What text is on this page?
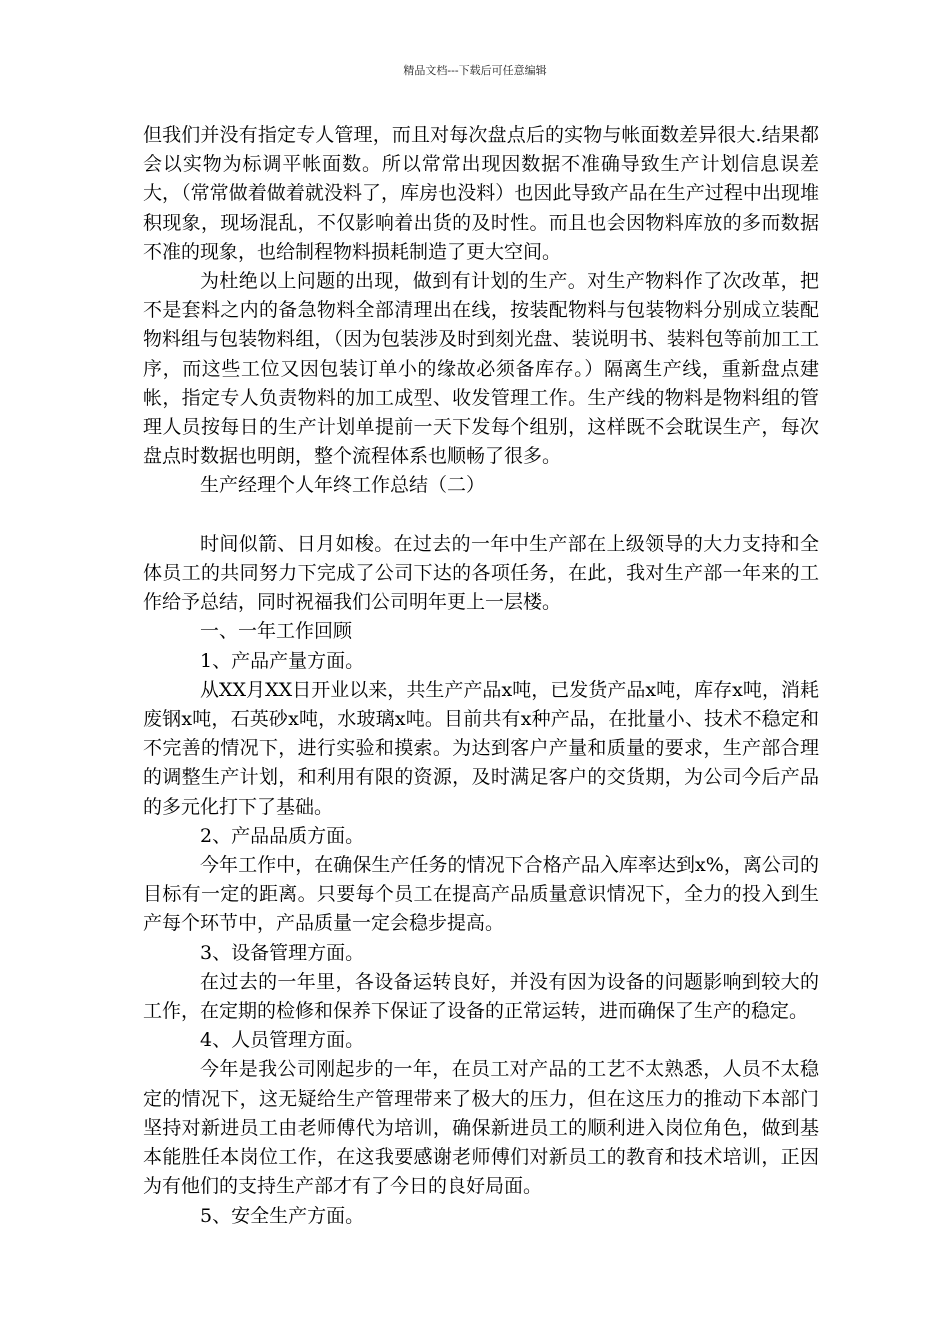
精品文档---下载后可任意编辑

但我们并没有指定专人管理，而且对每次盘点后的实物与帐面数差异很大.结果都会以实物为标调平帐面数。所以常常出现因数据不准确导致生产计划信息误差大，（常常做着做着就没料了，库房也没料）也因此导致产品在生产过程中出现堆积现象，现场混乱，不仅影响着出货的及时性。而且也会因物料库放的多而数据不准的现象，也给制程物料损耗制造了更大空间。

为杜绝以上问题的出现，做到有计划的生产。对生产物料作了次改革，把不是套料之内的备急物料全部清理出在线，按装配物料与包装物料分别成立装配物料组与包装物料组，（因为包装涉及时到刻光盘、装说明书、装料包等前加工工序，而这些工位又因包装订单小的缘故必须备库存。）隔离生产线，重新盘点建帐，指定专人负责物料的加工成型、收发管理工作。生产线的物料是物料组的管理人员按每日的生产计划单提前一天下发每个组别，这样既不会耽误生产，每次盘点时数据也明朗，整个流程体系也顺畅了很多。

生产经理个人年终工作总结（二）

时间似箭、日月如梭。在过去的一年中生产部在上级领导的大力支持和全体员工的共同努力下完成了公司下达的各项任务，在此，我对生产部一年来的工作给予总结，同时祝福我们公司明年更上一层楼。

一、一年工作回顾

1、产品产量方面。

从XX月XX日开业以来，共生产产品x吨，已发货产品x吨，库存x吨，消耗废钢x吨，石英砂x吨，水玻璃x吨。目前共有x种产品，在批量小、技术不稳定和不完善的情况下，进行实验和摸索。为达到客户产量和质量的要求，生产部合理的调整生产计划，和利用有限的资源，及时满足客户的交货期，为公司今后产品的多元化打下了基础。

2、产品品质方面。

今年工作中，在确保生产任务的情况下合格产品入库率达到x%，离公司的目标有一定的距离。只要每个员工在提高产品质量意识情况下，全力的投入到生产每个环节中，产品质量一定会稳步提高。

3、设备管理方面。

在过去的一年里，各设备运转良好，并没有因为设备的问题影响到较大的工作，在定期的检修和保养下保证了设备的正常运转，进而确保了生产的稳定。

4、人员管理方面。

今年是我公司刚起步的一年，在员工对产品的工艺不太熟悉，人员不太稳定的情况下，这无疑给生产管理带来了极大的压力，但在这压力的推动下本部门坚持对新进员工由老师傅代为培训，确保新进员工的顺利进入岗位角色，做到基本能胜任本岗位工作，在这我要感谢老师傅们对新员工的教育和技术培训，正因为有他们的支持生产部才有了今日的良好局面。

5、安全生产方面。
